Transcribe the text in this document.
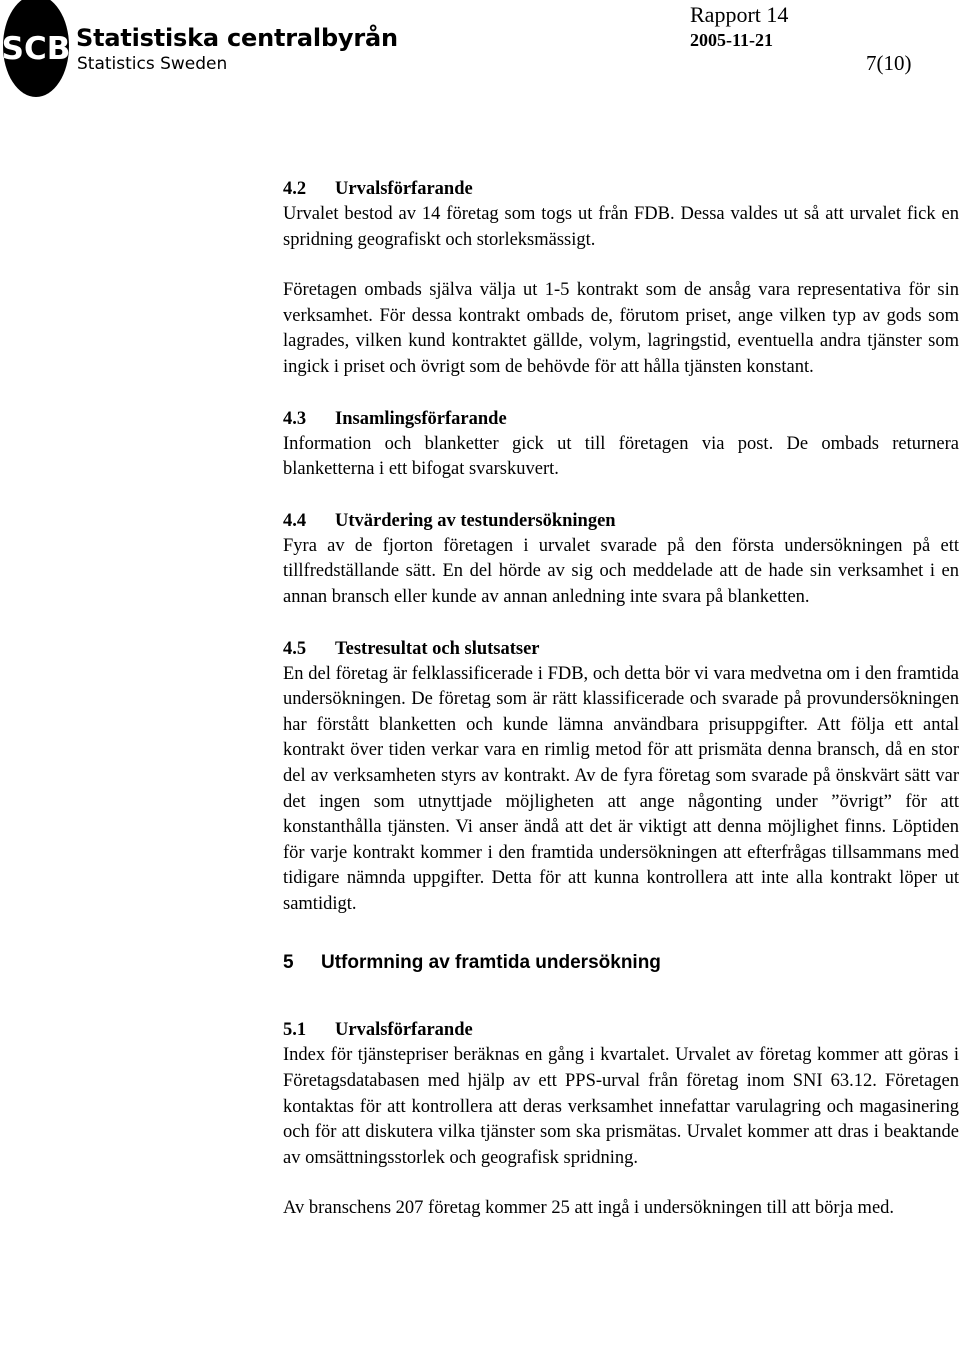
SCB Statistiska centralbyrån
Statistics Sweden
Rapport 14
2005-11-21
7(10)
4.2 Urvalsförfarande

Urvalet bestod av 14 företag som togs ut från FDB. Dessa valdes ut så att urvalet fick en spridning geografiskt och storleksmässigt.

Företagen ombads själva välja ut 1-5 kontrakt som de ansåg vara representativa för sin verksamhet. För dessa kontrakt ombads de, förutom priset, ange vilken typ av gods som lagrades, vilken kund kontraktet gällde, volym, lagringstid, eventuella andra tjänster som ingick i priset och övrigt som de behövde för att hålla tjänsten konstant.

4.3 Insamlingsförfarande

Information och blanketter gick ut till företagen via post. De ombads returnera blanketterna i ett bifogat svarskuvert.

4.4 Utvärdering av testundersökningen

Fyra av de fjorton företagen i urvalet svarade på den första undersökningen på ett tillfredställande sätt. En del hörde av sig och meddelade att de hade sin verksamhet i en annan bransch eller kunde av annan anledning inte svara på blanketten.

4.5 Testresultat och slutsatser

En del företag är felklassificerade i FDB, och detta bör vi vara medvetna om i den framtida undersökningen. De företag som är rätt klassificerade och svarade på provundersökningen har förstått blanketten och kunde lämna användbara prisuppgifter. Att följa ett antal kontrakt över tiden verkar vara en rimlig metod för att prismäta denna bransch, då en stor del av verksamheten styrs av kontrakt. Av de fyra företag som svarade på önskvärt sätt var det ingen som utnyttjade möjligheten att ange någonting under ”övrigt” för att konstanthålla tjänsten. Vi anser ändå att det är viktigt att denna möjlighet finns. Löptiden för varje kontrakt kommer i den framtida undersökningen att efterfrågas tillsammans med tidigare nämnda uppgifter. Detta för att kunna kontrollera att inte alla kontrakt löper ut samtidigt.

5 Utformning av framtida undersökning
5.1 Urvalsförfarande

Index för tjänstepriser beräknas en gång i kvartalet. Urvalet av företag kommer att göras i Företagsdatabasen med hjälp av ett PPS-urval från företag inom SNI 63.12. Företagen kontaktas för att kontrollera att deras verksamhet innefattar varulagring och magasinering och för att diskutera vilka tjänster som ska prismätas. Urvalet kommer att dras i beaktande av omsättningsstorlek och geografisk spridning.

Av branschens 207 företag kommer 25 att ingå i undersökningen till att börja med.
